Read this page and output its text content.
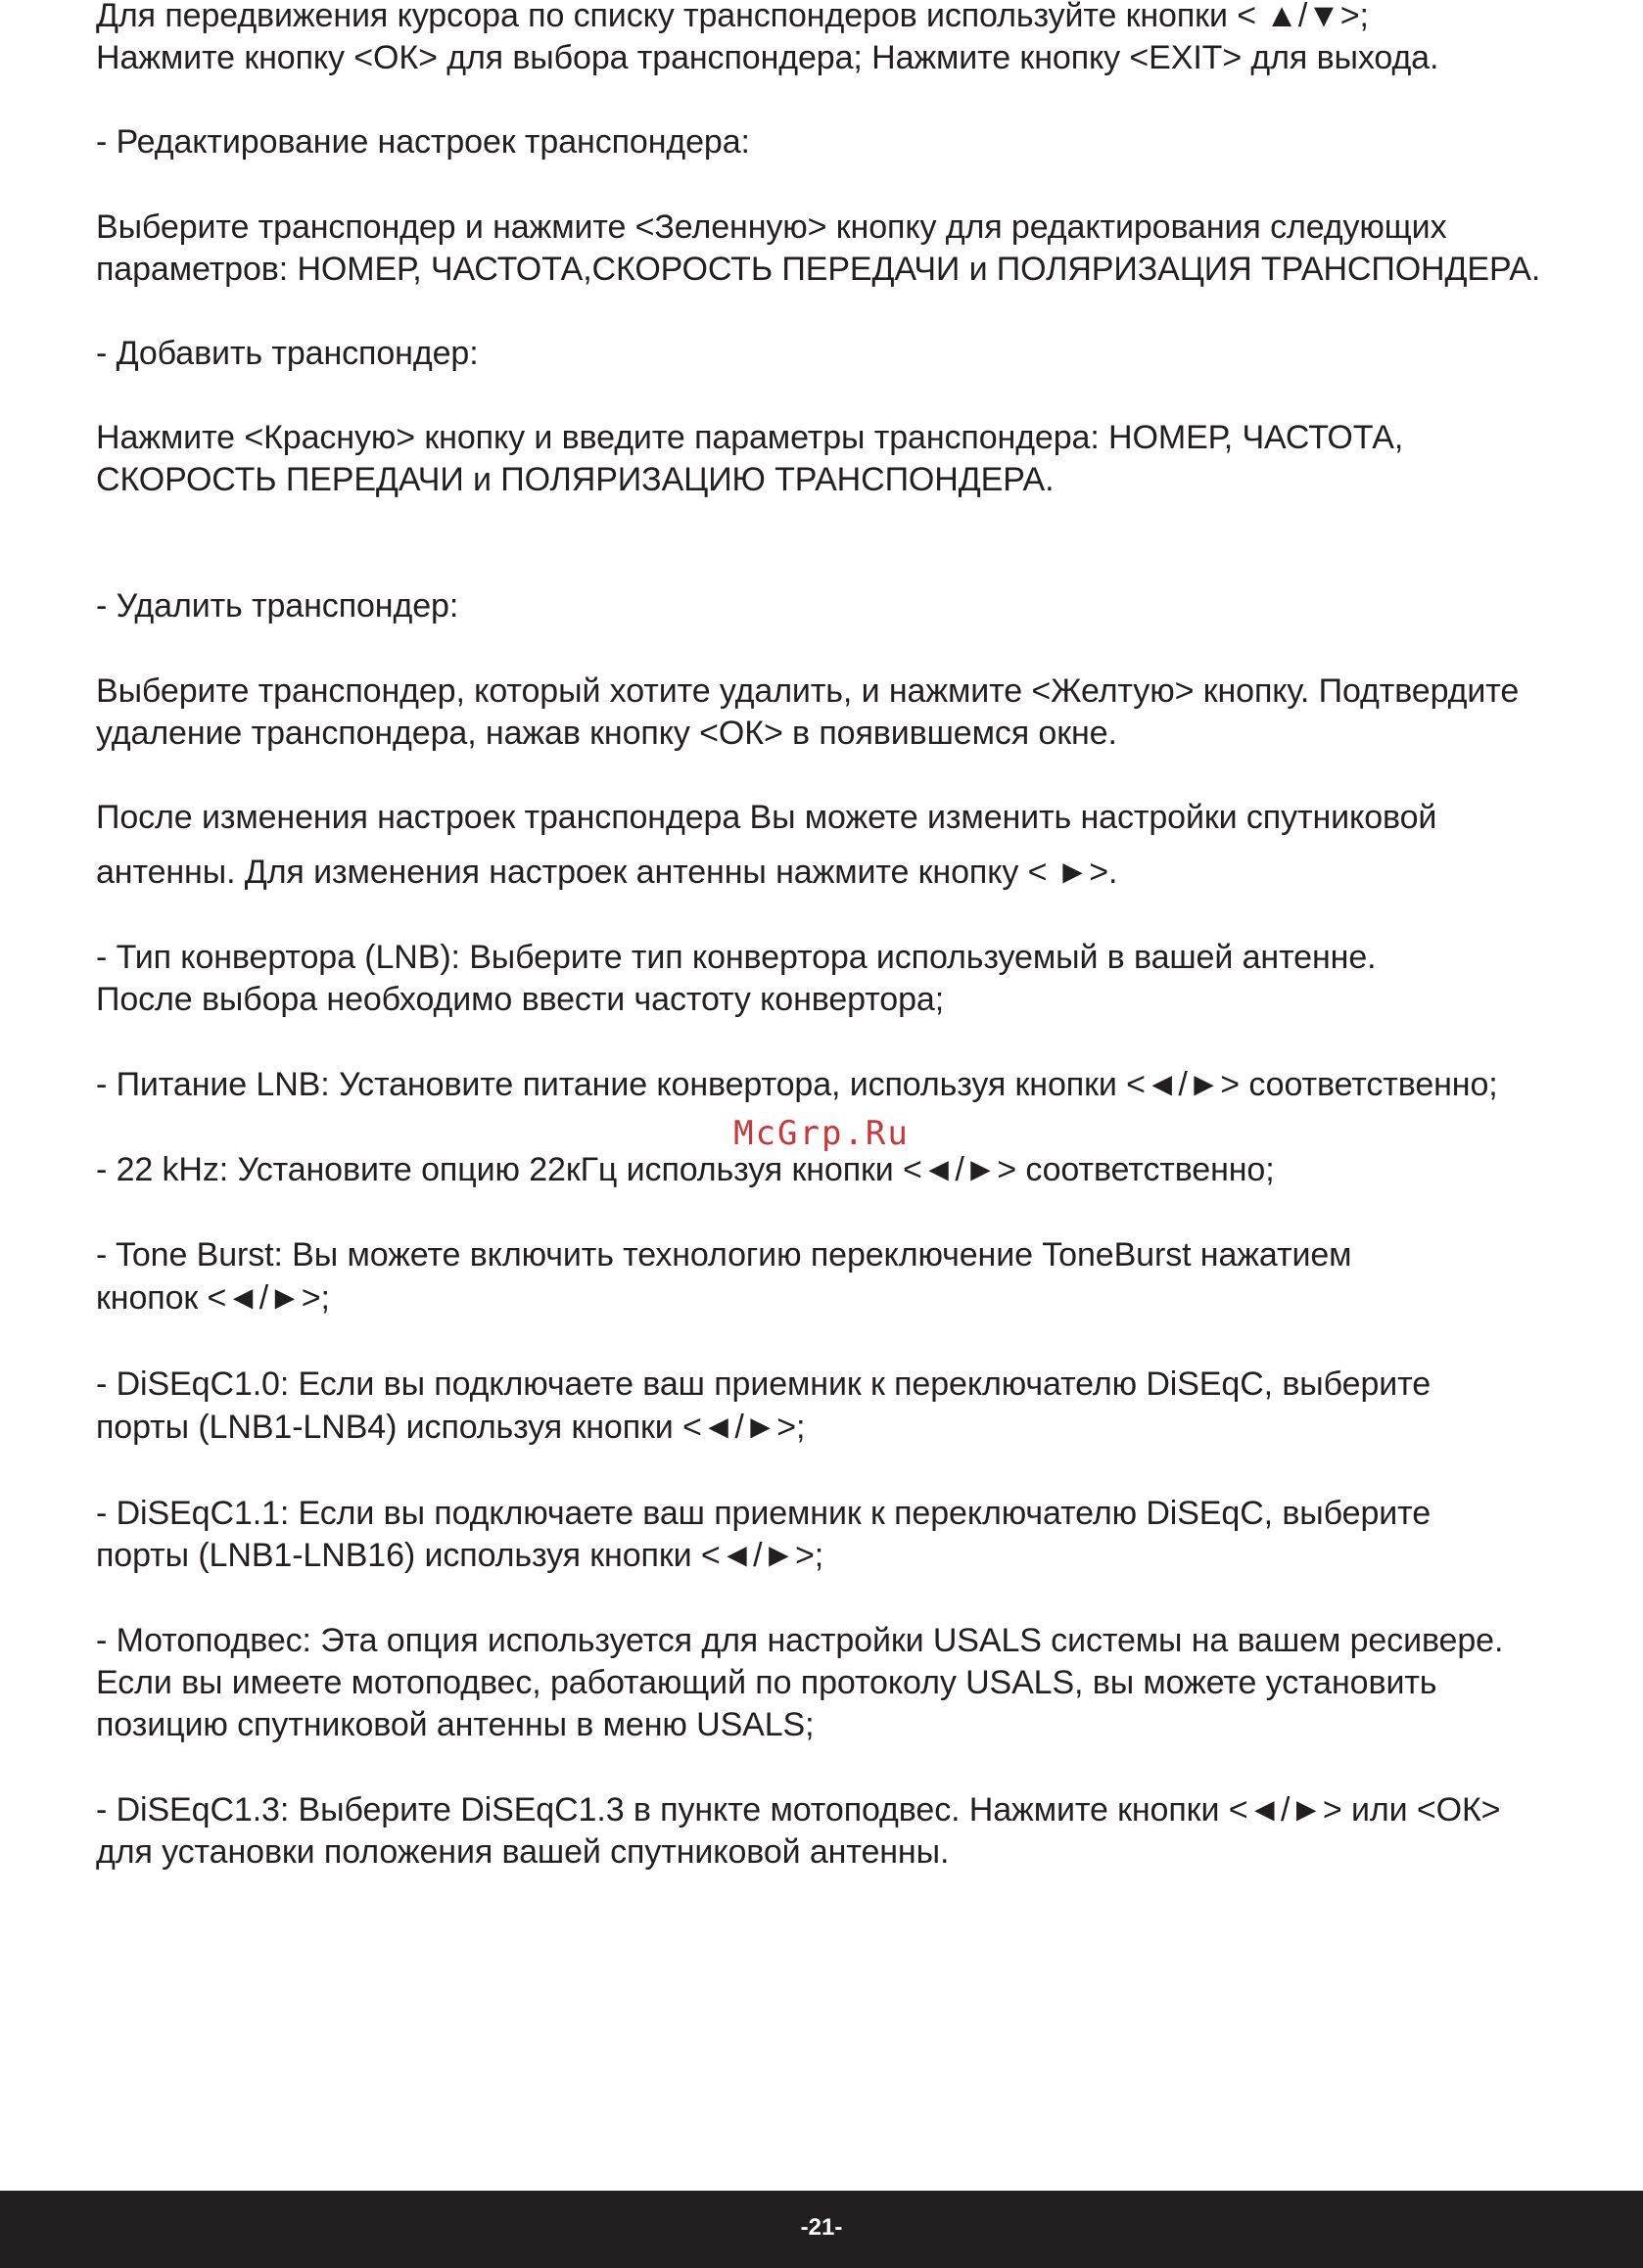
Для передвижения курсора по списку транспондеров используйте кнопки < ▲/▼>;
Нажмите кнопку <ОК> для выбора транспондера; Нажмите кнопку <EXIT> для выхода.
- Редактирование настроек транспондера:
Выберите транспондер и нажмите <Зеленную> кнопку для редактирования следующих
параметров: НОМЕР, ЧАСТОТА,СКОРОСТЬ ПЕРЕДАЧИ и ПОЛЯРИЗАЦИЯ ТРАНСПОНДЕРА.
- Добавить транспондер:
Нажмите <Красную> кнопку и введите параметры транспондера: НОМЕР, ЧАСТОТА,
СКОРОСТЬ ПЕРЕДАЧИ и ПОЛЯРИЗАЦИЮ ТРАНСПОНДЕРА.
- Удалить транспондер:
Выберите транспондер, который хотите удалить, и нажмите <Желтую> кнопку. Подтвердите
удаление транспондера, нажав кнопку <ОК> в появившемся окне.
После изменения настроек транспондера Вы можете изменить настройки спутниковой
антенны. Для изменения настроек антенны нажмите кнопку < ►>.
- Тип конвертора (LNB): Выберите тип конвертора используемый в вашей антенне.
После выбора необходимо ввести частоту конвертора;
- Питание LNB: Установите питание конвертора, используя кнопки <◄/►> соответственно;
- 22 kHz: Установите опцию 22кГц используя кнопки <◄/►> соответственно;
- Tone Burst: Вы можете включить технологию переключение ToneBurst нажатием
кнопок <◄/►>;
- DiSEqC1.0: Если вы подключаете ваш приемник к переключателю DiSEqC, выберите
порты (LNB1-LNB4) используя кнопки <◄/►>;
- DiSEqC1.1: Если вы подключаете ваш приемник к переключателю DiSEqC, выберите
порты (LNB1-LNB16) используя кнопки <◄/►>;
- Мотоподвес: Эта опция используется для настройки USALS системы на вашем ресивере.
Если вы имеете мотоподвес, работающий по протоколу USALS, вы можете установить
позицию спутниковой антенны в меню USALS;
- DiSEqC1.3: Выберите DiSEqC1.3 в пункте мотоподвес. Нажмите кнопки <◄/►> или <ОК>
для установки положения вашей спутниковой антенны.
McGrp.Ru
-21-
